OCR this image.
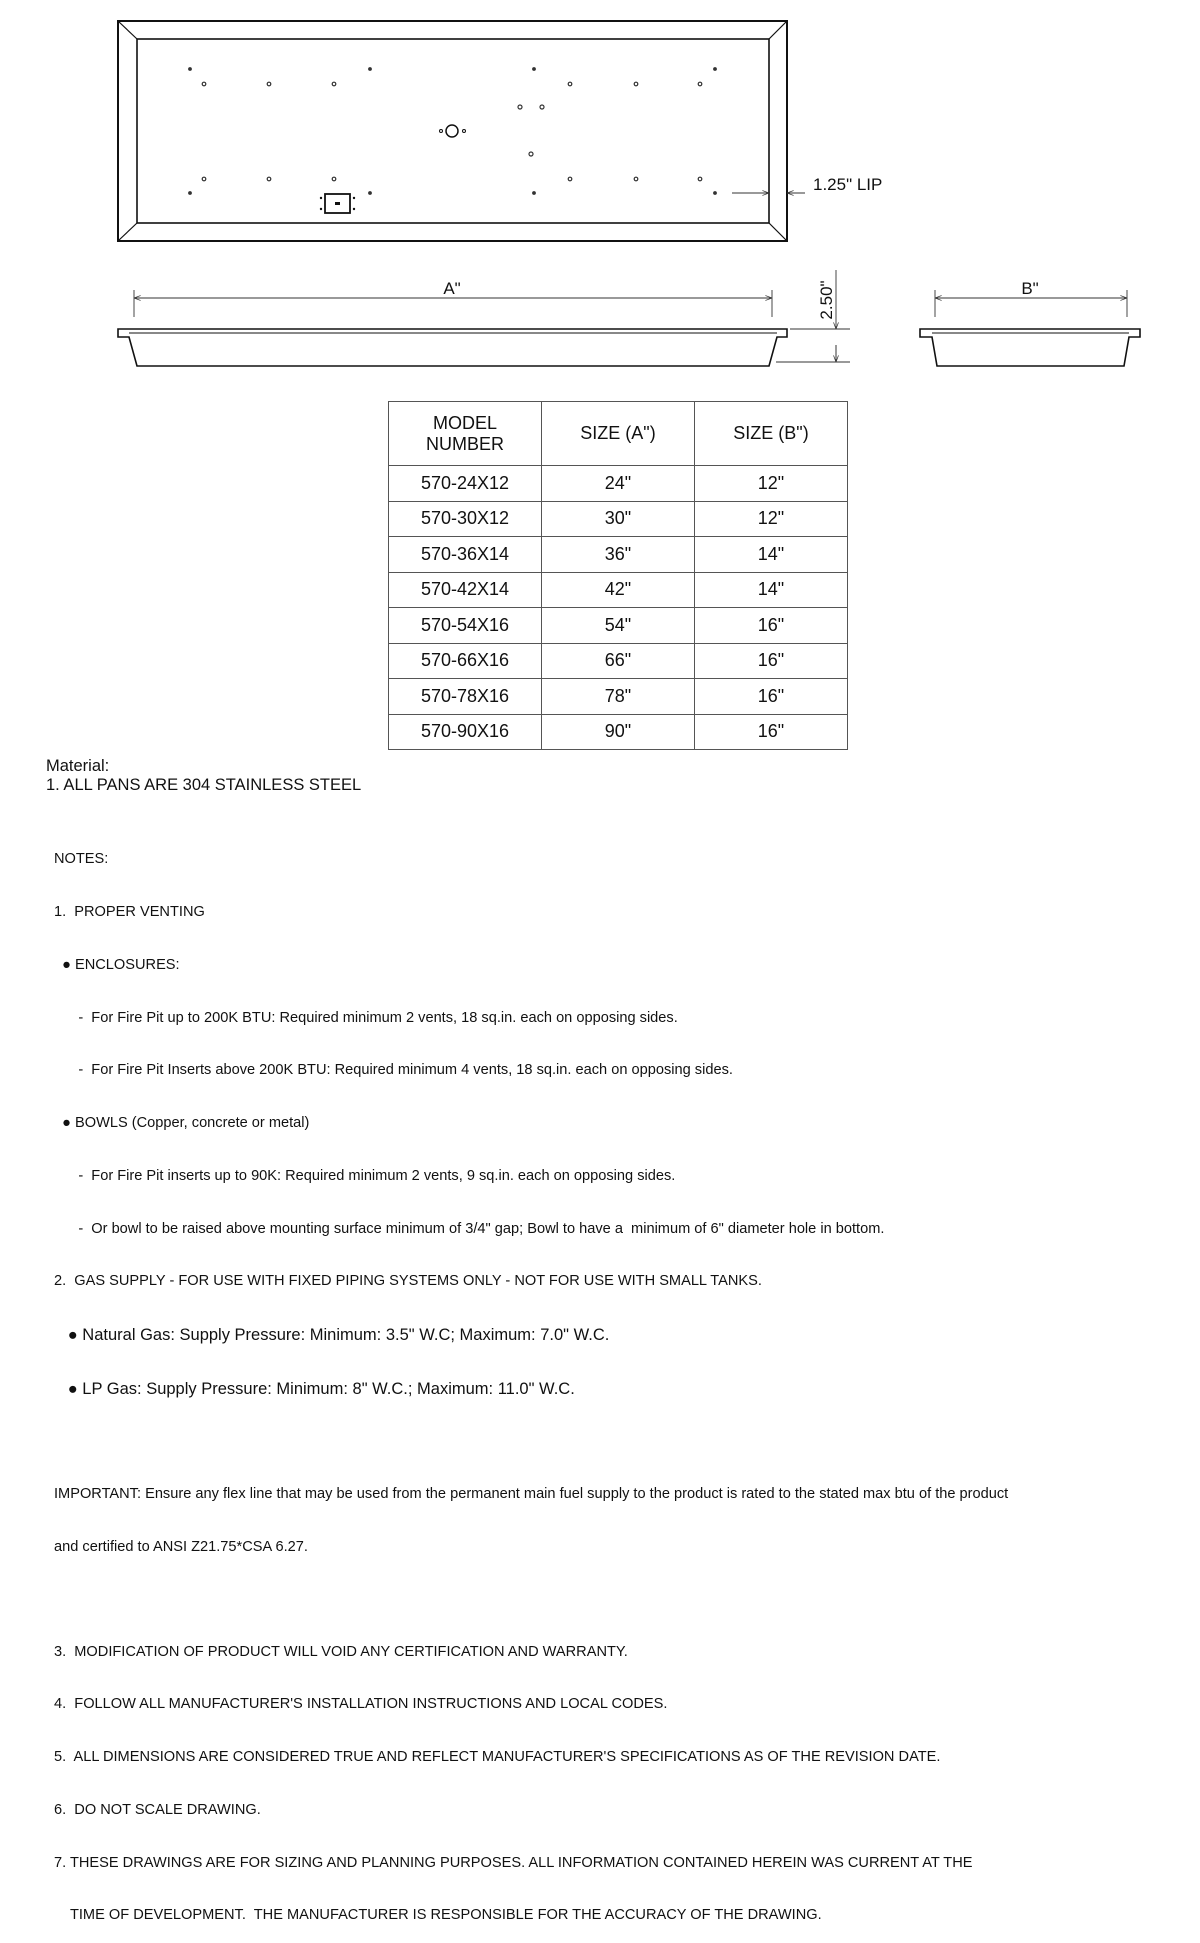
1.25" LIP
A"	2.50"	B"
MODEL
NUMBER	SIZE (A")	SIZE (B")
570-24X12	24"	12"
570-30X12	30"	12"
570-36X14	36"	14"
570-42X14	42"	14"
570-54X16	54"	16"
570-66X16	66"	16"
570-78X16	78"	16"
570-90X16	90"	16"
Material:
1. ALL PANS ARE 304 STAINLESS STEEL

NOTES:

1.  PROPER VENTING

● ENCLOSURES:

-  For Fire Pit up to 200K BTU: Required minimum 2 vents, 18 sq.in. each on opposing sides.

-  For Fire Pit Inserts above 200K BTU: Required minimum 4 vents, 18 sq.in. each on opposing sides.

● BOWLS (Copper, concrete or metal)

-  For Fire Pit inserts up to 90K: Required minimum 2 vents, 9 sq.in. each on opposing sides.

-  Or bowl to be raised above mounting surface minimum of 3/4" gap; Bowl to have a  minimum of 6" diameter hole in bottom.

2.  GAS SUPPLY - FOR USE WITH FIXED PIPING SYSTEMS ONLY - NOT FOR USE WITH SMALL TANKS.

● Natural Gas: Supply Pressure: Minimum: 3.5" W.C; Maximum: 7.0" W.C.

● LP Gas: Supply Pressure: Minimum: 8" W.C.; Maximum: 11.0" W.C.

IMPORTANT: Ensure any flex line that may be used from the permanent main fuel supply to the product is rated to the stated max btu of the product

and certified to ANSI Z21.75*CSA 6.27.

3.  MODIFICATION OF PRODUCT WILL VOID ANY CERTIFICATION AND WARRANTY.

4.  FOLLOW ALL MANUFACTURER'S INSTALLATION INSTRUCTIONS AND LOCAL CODES.

5.  ALL DIMENSIONS ARE CONSIDERED TRUE AND REFLECT MANUFACTURER'S SPECIFICATIONS AS OF THE REVISION DATE.

6.  DO NOT SCALE DRAWING.

7. THESE DRAWINGS ARE FOR SIZING AND PLANNING PURPOSES. ALL INFORMATION CONTAINED HEREIN WAS CURRENT AT THE

TIME OF DEVELOPMENT.  THE MANUFACTURER IS RESPONSIBLE FOR THE ACCURACY OF THE DRAWING.
